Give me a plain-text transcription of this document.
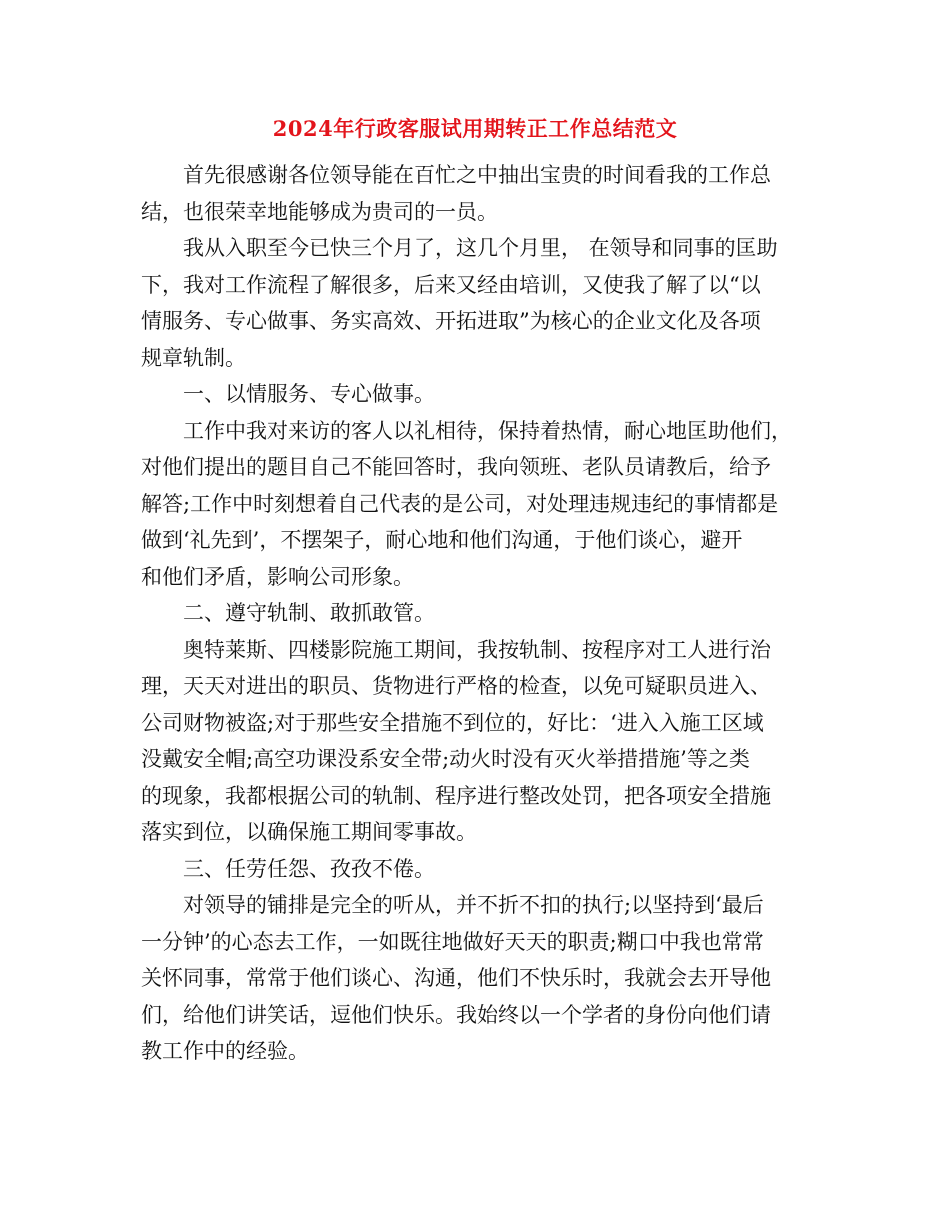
2024年行政客服试用期转正工作总结范文

首先很感谢各位领导能在百忙之中抽出宝贵的时间看我的工作总
结，也很荣幸地能够成为贵司的一员。

我从入职至今已快三个月了，这几个月里， 在领导和同事的匡助
下，我对工作流程了解很多，后来又经由培训，又使我了解了以“以
情服务、专心做事、务实高效、开拓进取”为核心的企业文化及各项
规章轨制。

一、以情服务、专心做事。

工作中我对来访的客人以礼相待，保持着热情，耐心地匡助他们，
对他们提出的题目自己不能回答时，我向领班、老队员请教后，给予
解答;工作中时刻想着自己代表的是公司，对处理违规违纪的事情都是
做到‘礼先到’，不摆架子，耐心地和他们沟通，于他们谈心，避开
和他们矛盾，影响公司形象。

二、遵守轨制、敢抓敢管。

奥特莱斯、四楼影院施工期间，我按轨制、按程序对工人进行治
理，天天对进出的职员、货物进行严格的检查，以免可疑职员进入、
公司财物被盗;对于那些安全措施不到位的，好比：‘进入入施工区域
没戴安全帽;高空功课没系安全带;动火时没有灭火举措措施’等之类
的现象，我都根据公司的轨制、程序进行整改处罚，把各项安全措施
落实到位，以确保施工期间零事故。

三、任劳任怨、孜孜不倦。

对领导的铺排是完全的听从，并不折不扣的执行;以坚持到‘最后
一分钟’的心态去工作，一如既往地做好天天的职责;糊口中我也常常
关怀同事，常常于他们谈心、沟通，他们不快乐时，我就会去开导他
们，给他们讲笑话，逗他们快乐。我始终以一个学者的身份向他们请
教工作中的经验。
